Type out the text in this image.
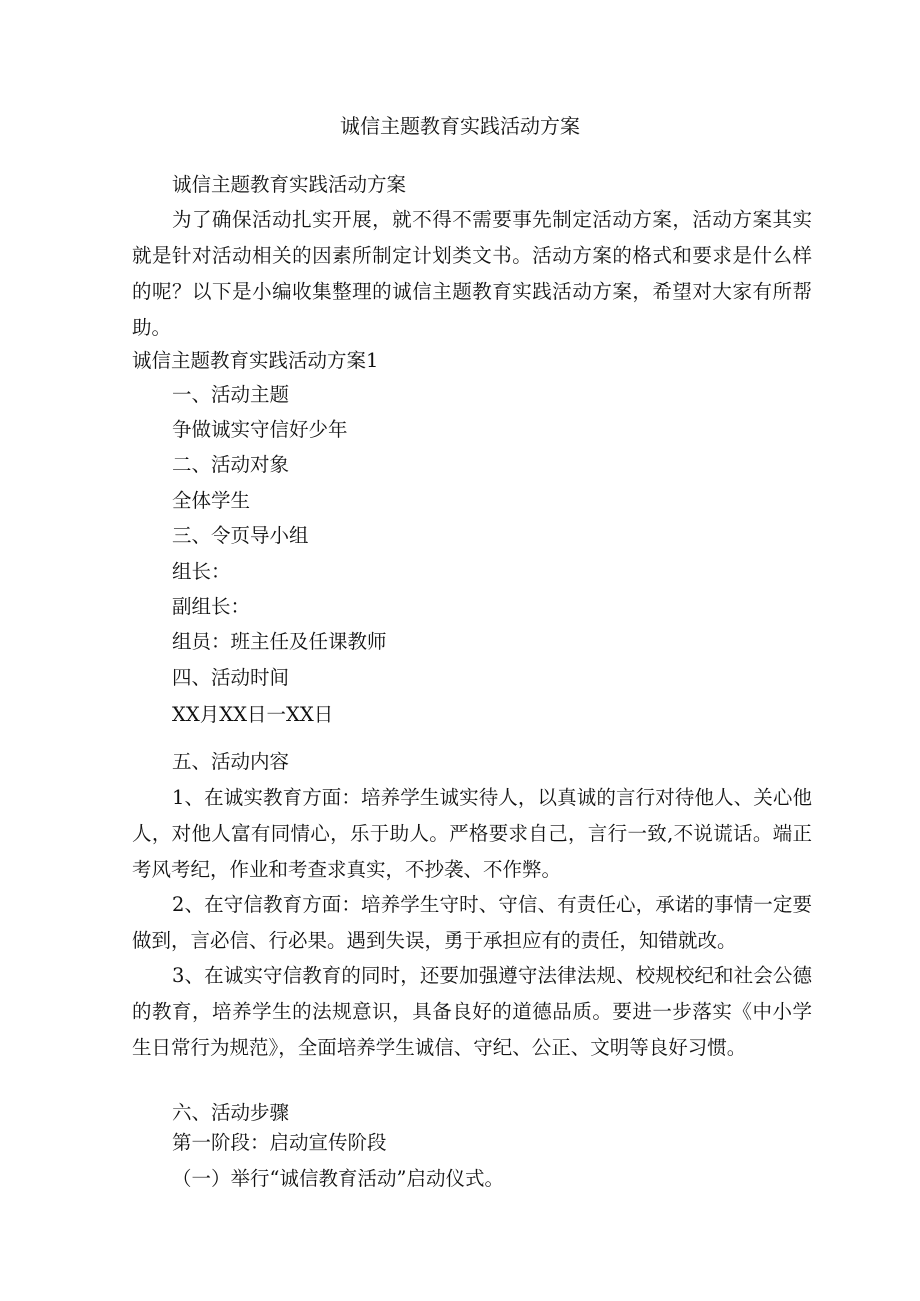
诚信主题教育实践活动方案
诚信主题教育实践活动方案
为了确保活动扎实开展，就不得不需要事先制定活动方案，活动方案其实就是针对活动相关的因素所制定计划类文书。活动方案的格式和要求是什么样的呢？以下是小编收集整理的诚信主题教育实践活动方案，希望对大家有所帮助。
诚信主题教育实践活动方案1
一、活动主题
争做诚实守信好少年
二、活动对象
全体学生
三、令页导小组
组长：
副组长：
组员：班主任及任课教师
四、活动时间
XX月XX日一XX日
五、活动内容
1、在诚实教育方面：培养学生诚实待人，以真诚的言行对待他人、关心他人，对他人富有同情心，乐于助人。严格要求自己，言行一致,不说谎话。端正考风考纪，作业和考查求真实，不抄袭、不作弊。
2、在守信教育方面：培养学生守时、守信、有责任心，承诺的事情一定要做到，言必信、行必果。遇到失误，勇于承担应有的责任，知错就改。
3、在诚实守信教育的同时，还要加强遵守法律法规、校规校纪和社会公德的教育，培养学生的法规意识，具备良好的道德品质。要进一步落实《中小学生日常行为规范》，全面培养学生诚信、守纪、公正、文明等良好习惯。
六、活动步骤
第一阶段：启动宣传阶段
（一）举行“诚信教育活动”启动仪式。
